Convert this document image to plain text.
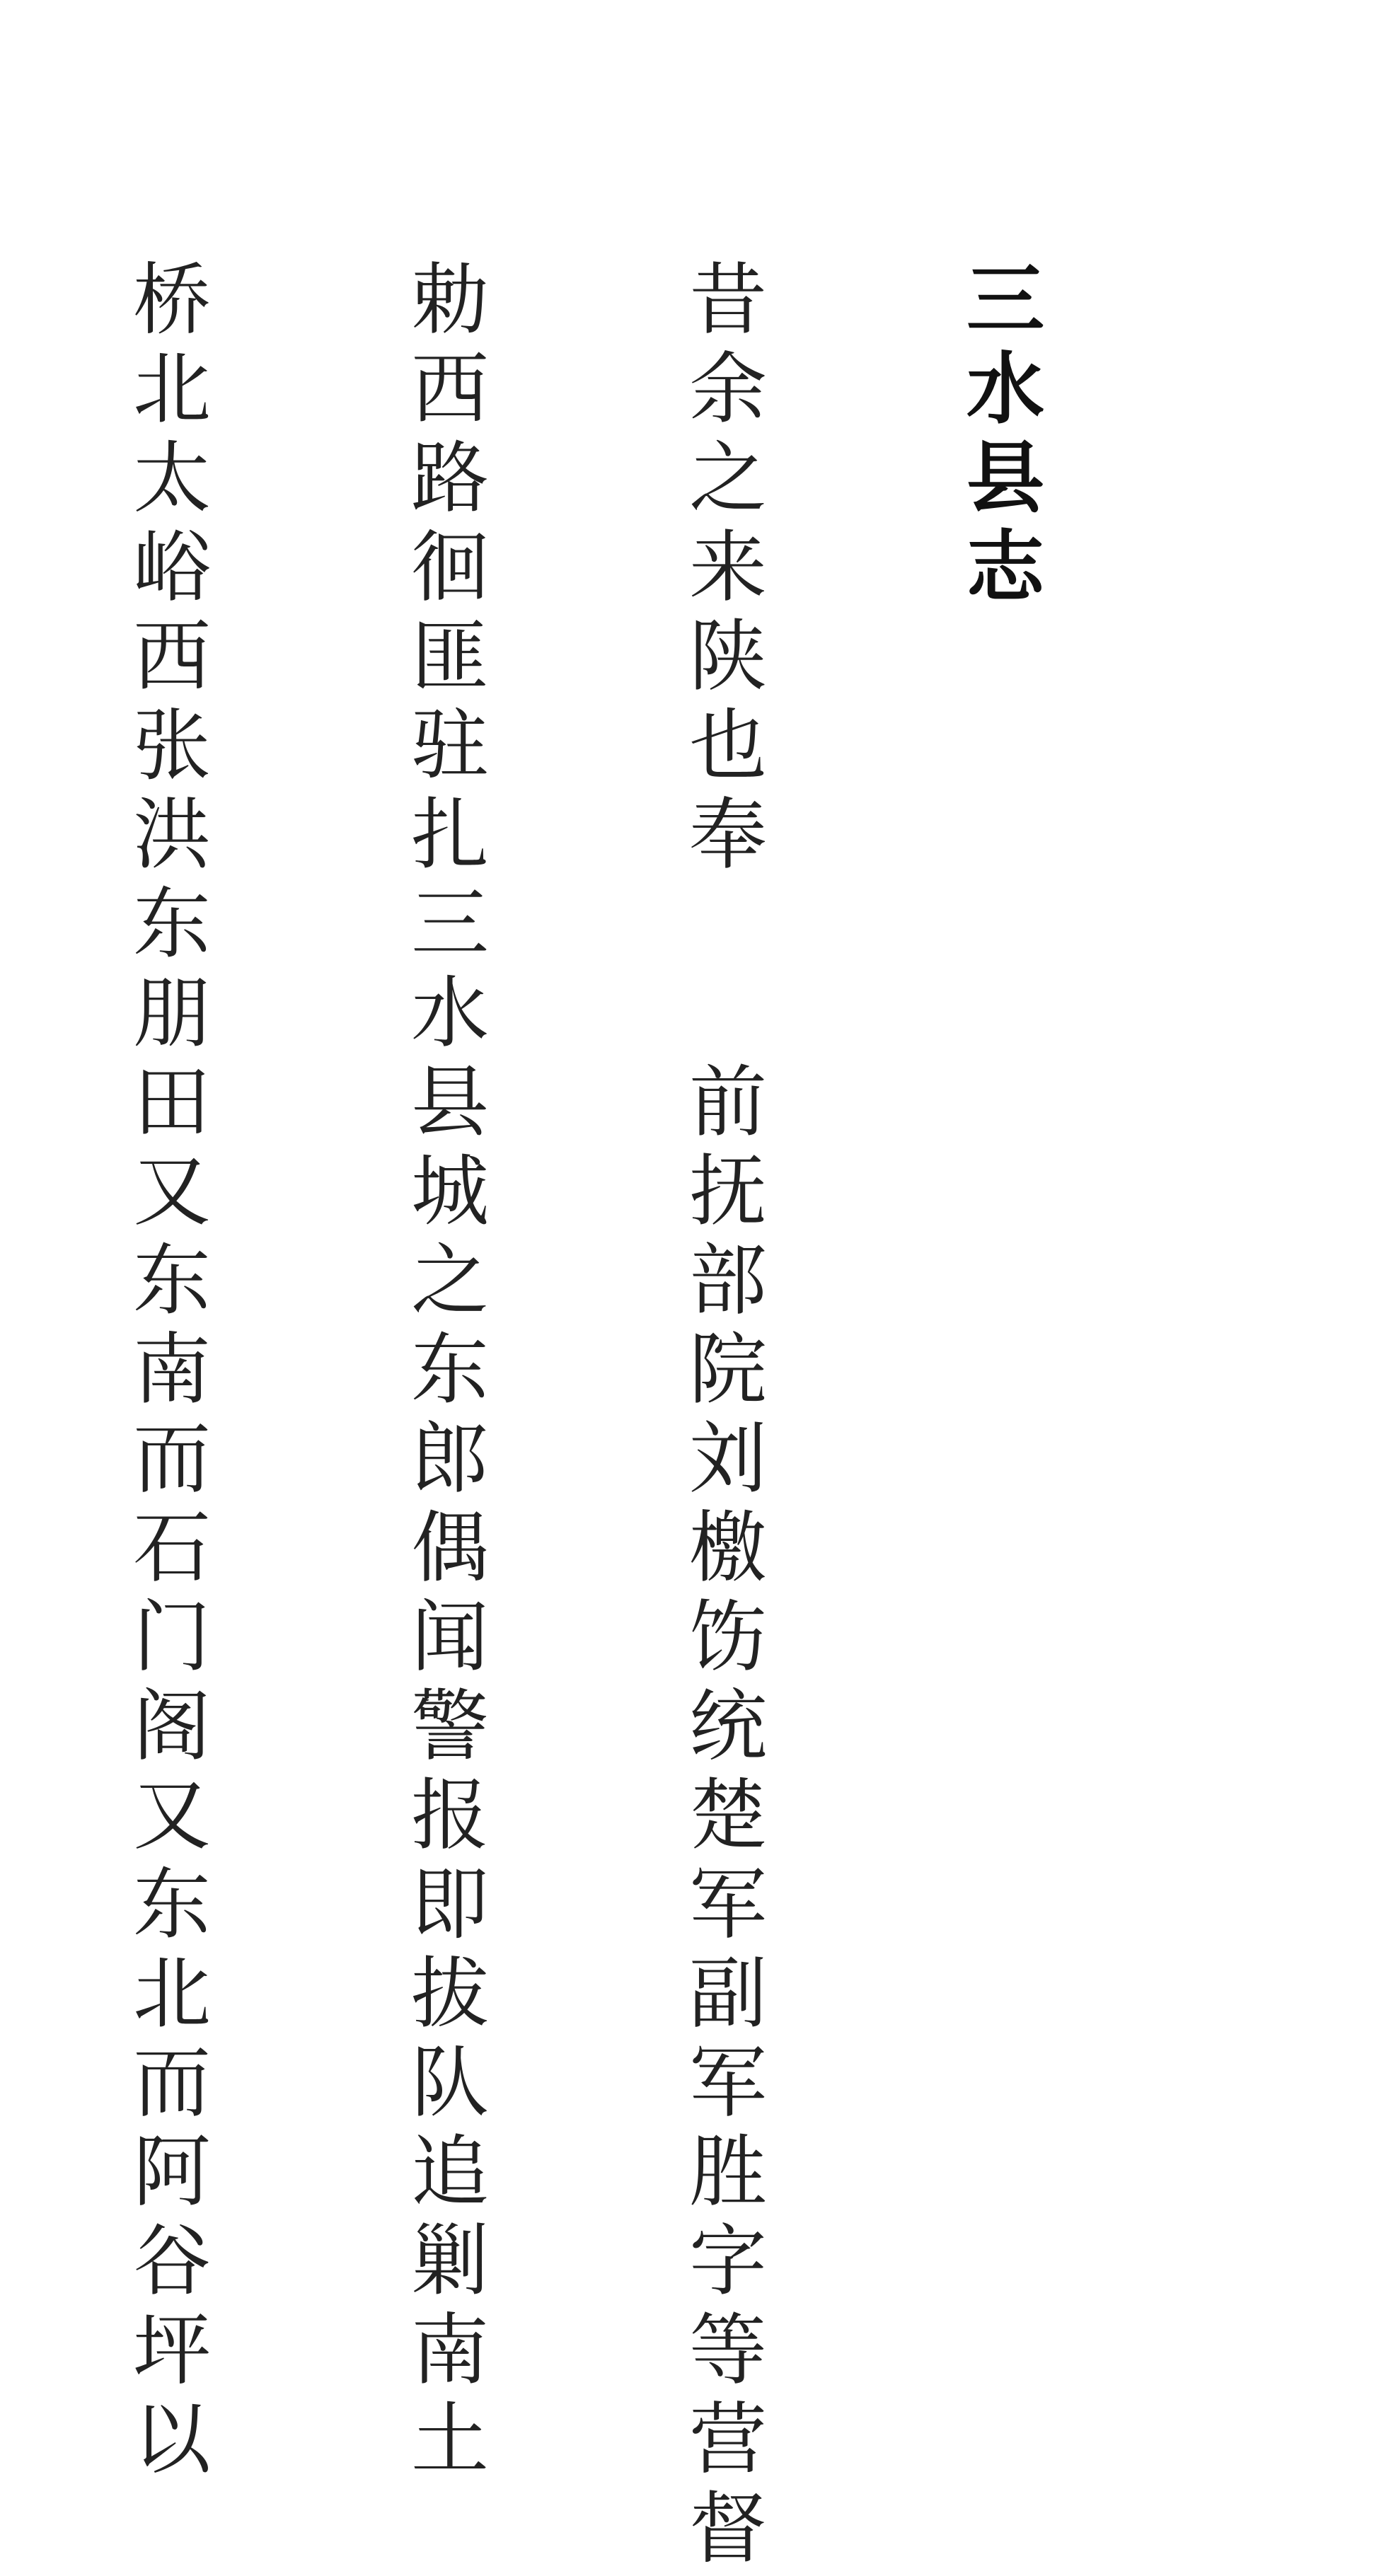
三水县志

昔余之来陕也奉　　前抚部院刘檄饬统楚军副军胜字等营督

勅西路徊匪驻扎三水县城之东郎偶闻警报即拔队追剿南土

桥北太峪西张洪东朋田又东南而石门阁又东北而阿谷坪以
